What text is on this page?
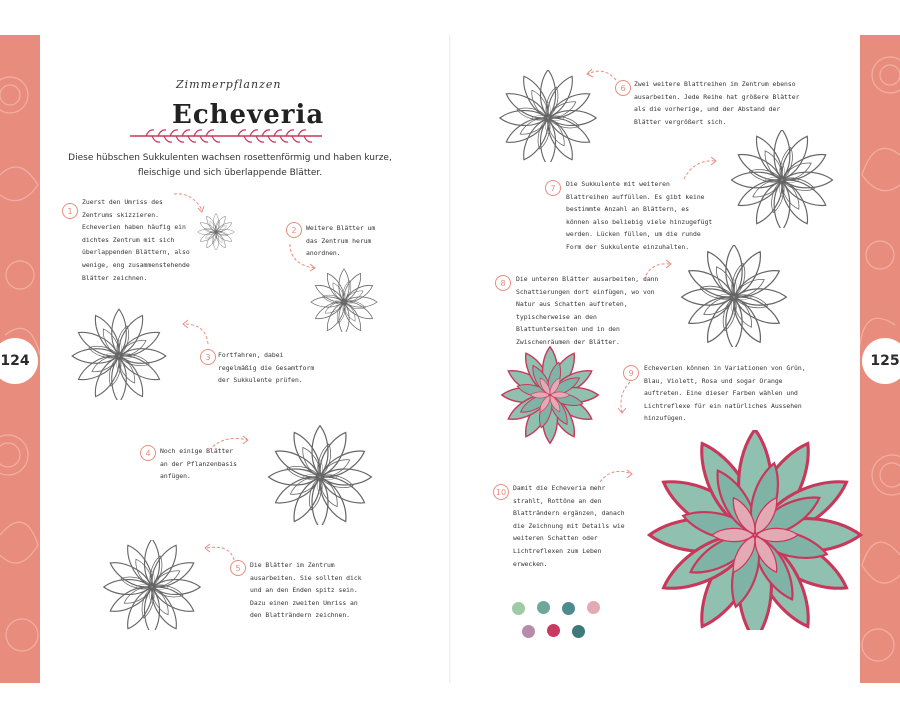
124	125
Zimmerpflanzen
Echeveria
Diese hübschen Sukkulenten wachsen rosettenförmig und haben kurze, fleischige und sich überlappende Blätter.
1
Zuerst den Umriss des Zentrums skizzieren. Echeverien haben häufig ein dichtes Zentrum mit sich überlappenden Blättern, also wenige, eng zusammenstehende Blätter zeichnen.
2	Weitere Blätter um das Zentrum herum anordnen.
3	Fortfahren, dabei regelmäßig die Gesamtform der Sukkulente prüfen.
4	Noch einige Blätter an der Pflanzenbasis anfügen.
5	Die Blätter im Zentrum ausarbeiten. Sie sollten dick und an den Enden spitz sein. Dazu einen zweiten Umriss an den Blatträndern zeichnen.
6	Zwei weitere Blattreihen im Zentrum ebenso ausarbeiten. Jede Reihe hat größere Blätter als die vorherige, und der Abstand der Blätter vergrößert sich.
7	Die Sukkulente mit weiteren Blattreihen auffüllen. Es gibt keine bestimmte Anzahl an Blättern, es können also beliebig viele hinzugefügt werden. Lücken füllen, um die runde Form der Sukkulente einzuhalten.
8	Die unteren Blätter ausarbeiten, dann Schattierungen dort einfügen, wo von Natur aus Schatten auftreten, typischerweise an den Blattunterseiten und in den Zwischenräumen der Blätter.
9
Echeverien können in Variationen von Grün, Blau, Violett, Rosa und sogar Orange auftreten. Eine dieser Farben wählen und Lichtreflexe für ein natürliches Aussehen hinzufügen.
10	Damit die Echeveria mehr strahlt, Rottöne an den Blatträndern ergänzen, danach die Zeichnung mit Details wie weiteren Schatten oder Lichtreflexen zum Leben erwecken.
